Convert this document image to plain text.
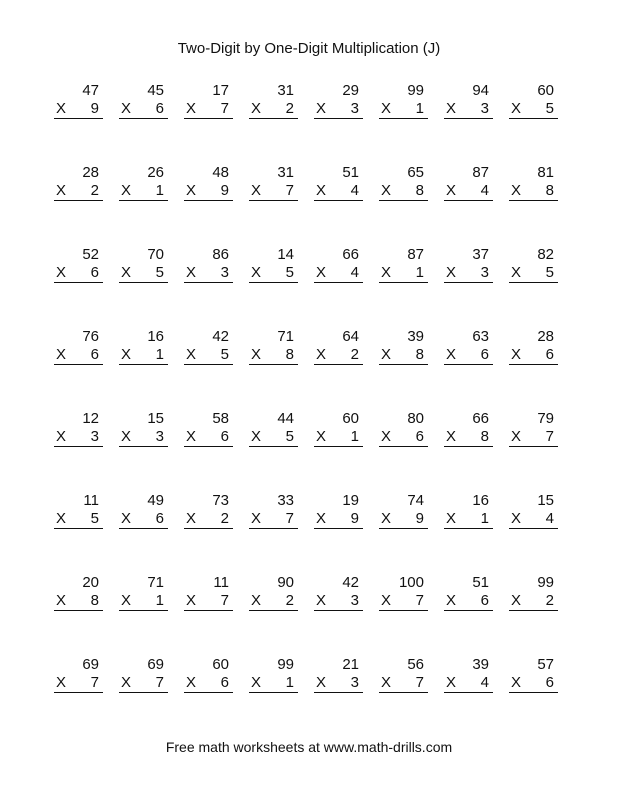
Two-Digit by One-Digit Multiplication (J)
47
X 9
45
X 6
17
X 7
31
X 2
29
X 3
99
X 1
94
X 3
60
X 5
28
X 2
26
X 1
48
X 9
31
X 7
51
X 4
65
X 8
87
X 4
81
X 8
52
X 6
70
X 5
86
X 3
14
X 5
66
X 4
87
X 1
37
X 3
82
X 5
76
X 6
16
X 1
42
X 5
71
X 8
64
X 2
39
X 8
63
X 6
28
X 6
12
X 3
15
X 3
58
X 6
44
X 5
60
X 1
80
X 6
66
X 8
79
X 7
11
X 5
49
X 6
73
X 2
33
X 7
19
X 9
74
X 9
16
X 1
15
X 4
20
X 8
71
X 1
11
X 7
90
X 2
42
X 3
100
X 7
51
X 6
99
X 2
69
X 7
69
X 7
60
X 6
99
X 1
21
X 3
56
X 7
39
X 4
57
X 6
Free math worksheets at www.math-drills.com
